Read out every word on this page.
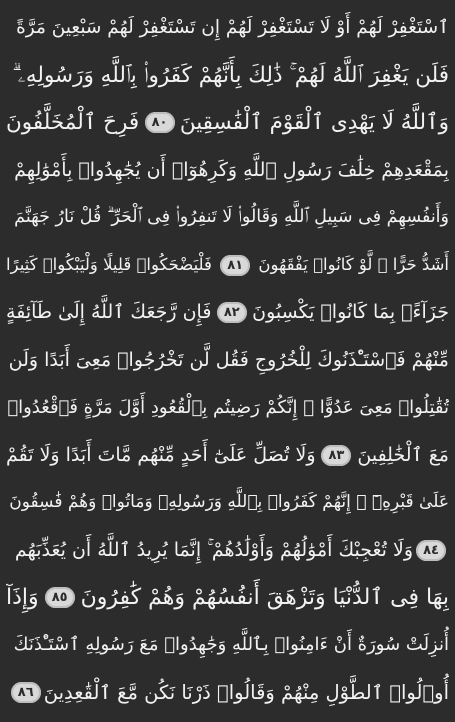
ٱسْتَغْفِرْ لَهُمْ أَوْ لَا تَسْتَغْفِرْ لَهُمْ إِن تَسْتَغْفِرْ لَهُمْ سَبْعِينَ مَرَّةً
فَلَن يَغْفِرَ ٱللَّهُ لَهُمْ ۚ ذَٰلِكَ بِأَنَّهُمْ كَفَرُوا۟ بِٱللَّهِ وَرَسُولِهِۦ ۗ
وَٱللَّهُ لَا يَهْدِى ٱلْقَوْمَ ٱلْفَٰسِقِينَ
٨٠
فَرِحَ ٱلْمُخَلَّفُونَ
بِمَقْعَدِهِمْ خِلَٰفَ رَسُولِ ٱللَّهِ وَكَرِهُوٓا۟ أَن يُجَٰهِدُوا۟ بِأَمْوَٰلِهِمْ
وَأَنفُسِهِمْ فِى سَبِيلِ ٱللَّهِ وَقَالُوا۟ لَا تَنفِرُوا۟ فِى ٱلْحَرِّ ۗ قُلْ نَارُ جَهَنَّمَ
أَشَدُّ حَرًّا ۚ لَّوْ كَانُوا۟ يَفْقَهُونَ
٨١
فَلْيَضْحَكُوا۟ قَلِيلًا وَلْيَبْكُوا۟ كَثِيرًا
جَزَآءًۢ بِمَا كَانُوا۟ يَكْسِبُونَ
٨٢
فَإِن رَّجَعَكَ ٱللَّهُ إِلَىٰ طَآئِفَةٍ
مِّنْهُمْ فَٱسْتَـْٔذَنُوكَ لِلْخُرُوجِ فَقُل لَّن تَخْرُجُوا۟ مَعِىَ أَبَدًا وَلَن
تُقَٰتِلُوا۟ مَعِىَ عَدُوًّا ۖ إِنَّكُمْ رَضِيتُم بِٱلْقُعُودِ أَوَّلَ مَرَّةٍ فَٱقْعُدُوا۟
مَعَ ٱلْخَٰلِفِينَ
٨٣
وَلَا تُصَلِّ عَلَىٰٓ أَحَدٍ مِّنْهُم مَّاتَ أَبَدًا وَلَا تَقُمْ
عَلَىٰ قَبْرِهِۦٓ ۖ إِنَّهُمْ كَفَرُوا۟ بِٱللَّهِ وَرَسُولِهِۦ وَمَاتُوا۟ وَهُمْ فَٰسِقُونَ
٨٤
وَلَا تُعْجِبْكَ أَمْوَٰلُهُمْ وَأَوْلَٰدُهُمْ ۚ إِنَّمَا يُرِيدُ ٱللَّهُ أَن يُعَذِّبَهُم
بِهَا فِى ٱلدُّنْيَا وَتَزْهَقَ أَنفُسُهُمْ وَهُمْ كَٰفِرُونَ
٨٥
وَإِذَآ
أُنزِلَتْ سُورَةٌ أَنْ ءَامِنُوا۟ بِٱللَّهِ وَجَٰهِدُوا۟ مَعَ رَسُولِهِ ٱسْتَـْٔذَنَكَ
أُو۟لُوا۟ ٱلطَّوْلِ مِنْهُمْ وَقَالُوا۟ ذَرْنَا نَكُن مَّعَ ٱلْقَٰعِدِينَ
٨٦
